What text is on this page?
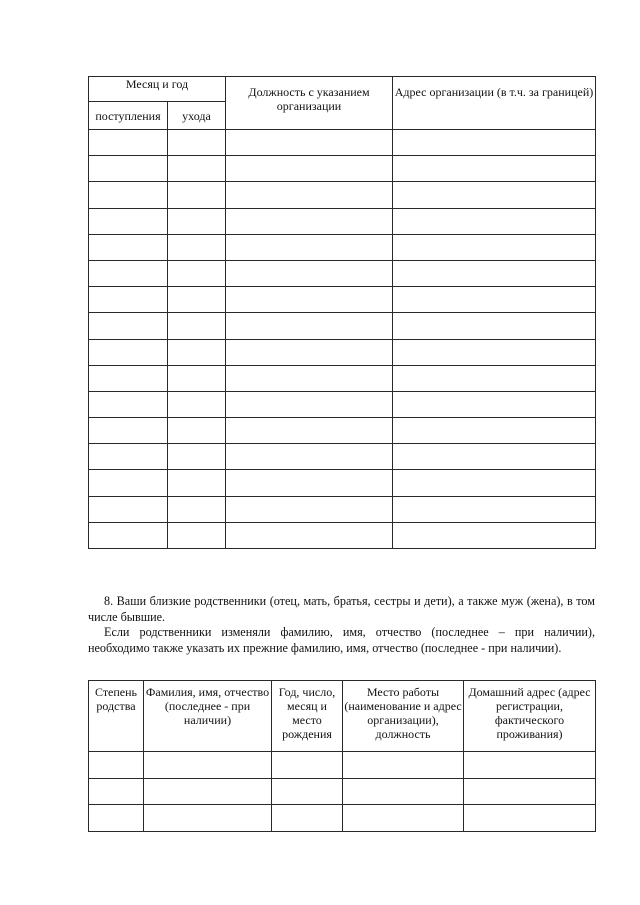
Месяц и год		Должность с указанием организации	Адрес организации (в т.ч. за границей)
поступления	ухода		

8. Ваши близкие родственники (отец, мать, братья, сестры и дети), а также муж (жена), в том числе бывшие.

Если родственники изменяли фамилию, имя, отчество (последнее – при наличии), необходимо также указать их прежние фамилию, имя, отчество (последнее - при наличии).

Степень родства	Фамилия, имя, отчество (последнее - при наличии)	Год, число, месяц и место рождения	Место работы (наименование и адрес организации), должность	Домашний адрес (адрес регистрации, фактического проживания)
